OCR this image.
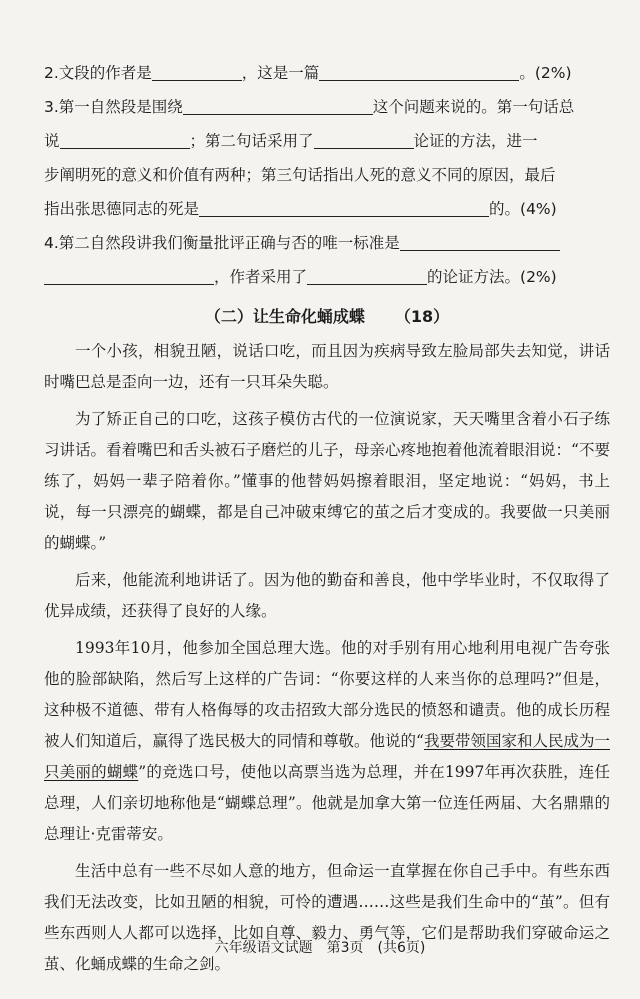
2.文段的作者是	，这是一篇	。(2%)
3.第一自然段是围绕	这个问题来说的。第一句话总
说	；第二句话采用了	论证的方法，进一
步阐明死的意义和价值有两种；第三句话指出人死的意义不同的原因，最后
指出张思德同志的死是	的。(4%)
4.第二自然段讲我们衡量批评正确与否的唯一标准是
，作者采用了	的论证方法。(2%)
（二）让生命化蛹成蝶 （18）

一个小孩，相貌丑陋，说话口吃，而且因为疾病导致左脸局部失去知觉，讲话时嘴巴总是歪向一边，还有一只耳朵失聪。

为了矫正自己的口吃，这孩子模仿古代的一位演说家，天天嘴里含着小石子练习讲话。看着嘴巴和舌头被石子磨烂的儿子，母亲心疼地抱着他流着眼泪说：“不要练了，妈妈一辈子陪着你。”懂事的他替妈妈擦着眼泪，坚定地说：“妈妈，书上说，每一只漂亮的蝴蝶，都是自己冲破束缚它的茧之后才变成的。我要做一只美丽的蝴蝶。”

后来，他能流利地讲话了。因为他的勤奋和善良，他中学毕业时，不仅取得了优异成绩，还获得了良好的人缘。

1993年10月，他参加全国总理大选。他的对手别有用心地利用电视广告夸张他的脸部缺陷，然后写上这样的广告词：“你要这样的人来当你的总理吗?”但是，这种极不道德、带有人格侮辱的攻击招致大部分选民的愤怒和谴责。他的成长历程被人们知道后，赢得了选民极大的同情和尊敬。他说的“我要带领国家和人民成为一只美丽的蝴蝶”的竞选口号，使他以高票当选为总理，并在1997年再次获胜，连任总理，人们亲切地称他是“蝴蝶总理”。他就是加拿大第一位连任两届、大名鼎鼎的总理让·克雷蒂安。

生活中总有一些不尽如人意的地方，但命运一直掌握在你自己手中。有些东西我们无法改变，比如丑陋的相貌，可怜的遭遇……这些是我们生命中的“茧”。但有些东西则人人都可以选择，比如自尊、毅力、勇气等，它们是帮助我们穿破命运之茧、化蛹成蝶的生命之剑。

六年级语文试题　第3页　(共6页)
